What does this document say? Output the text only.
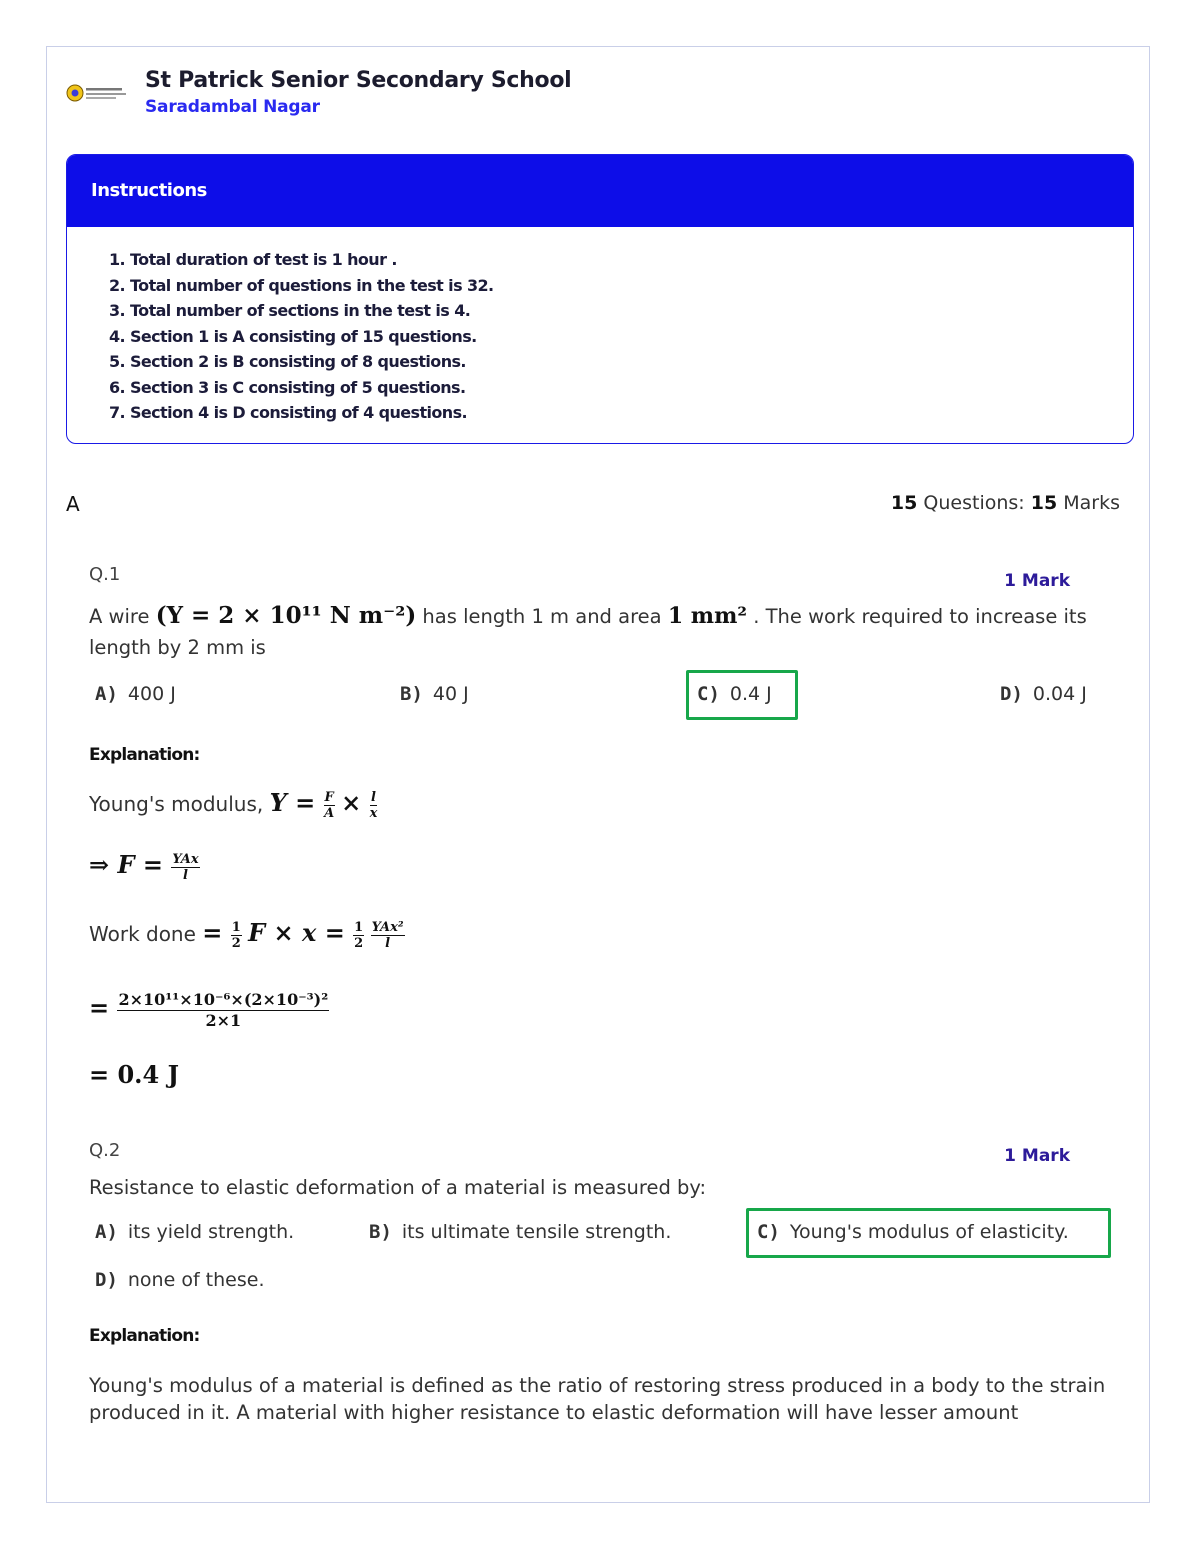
St Patrick Senior Secondary School
Saradambal Nagar
Instructions
1. Total duration of test is 1 hour .
2. Total number of questions in the test is 32.
3. Total number of sections in the test is 4.
4. Section 1 is A consisting of 15 questions.
5. Section 2 is B consisting of 8 questions.
6. Section 3 is C consisting of 5 questions.
7. Section 4 is D consisting of 4 questions.
A	15 Questions: 15 Marks
Q.1	1 Mark
A wire (Y = 2 × 10¹¹ N m⁻²) has length 1 m and area 1 mm² . The work required to increase its length by 2 mm is
A) 400 J	B) 40 J	C) 0.4 J	D) 0.04 J
Explanation:
Young's modulus, $Y = \frac{F}{A} \times \frac{l}{x}$
⇒ $F = \frac{\text{YAx}}{l}$
Work done = $\frac{1}{2}$ $F \times x = \frac{1}{2}$
$\frac{\text{YAx²}}{l}$
= $\frac{\text{2×10¹¹×10⁻⁶×(2×10⁻³)²}}{2\times 1}$
= 0.4 J
Q.2	1 Mark
Resistance to elastic deformation of a material is measured by:
A) its yield strength.	B) its ultimate tensile strength.	C) Young's modulus of elasticity.
D) none of these.
Explanation:
Young's modulus of a material is defined as the ratio of restoring stress produced in a body to the strain produced in it. A material with higher resistance to elastic deformation will have lesser amount
